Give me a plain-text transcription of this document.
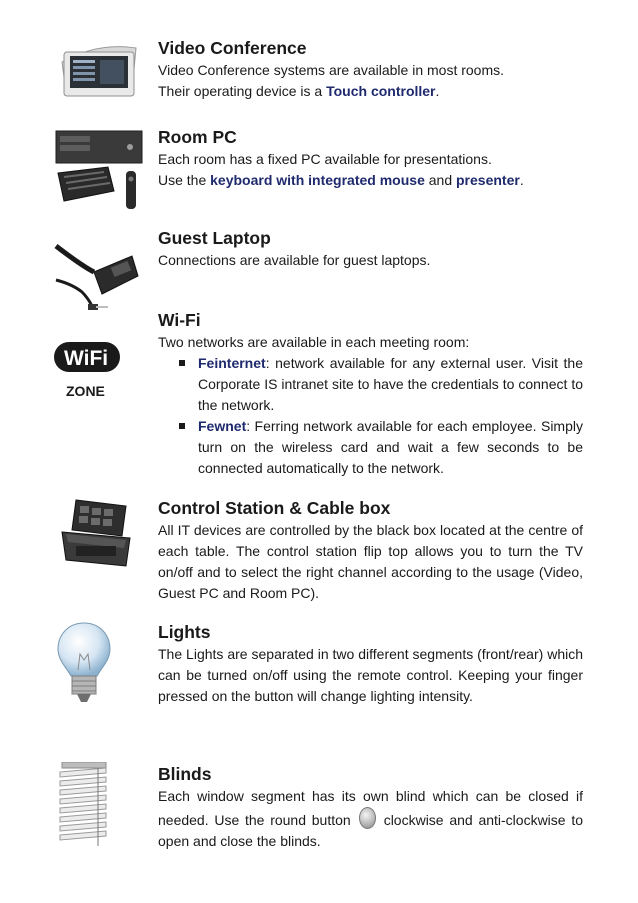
Video Conference

Video Conference systems are available in most rooms.
Their operating device is a Touch controller.

Room PC

Each room has a fixed PC available for presentations.
Use the keyboard with integrated mouse and presenter.

Guest Laptop

Connections are available for guest laptops.

WiFi
ZONE
Wi-Fi

Two networks are available in each meeting room:

Feinternet: network available for any external user. Visit the Corporate IS intranet site to have the credentials to connect to the network.
Fewnet: Ferring network available for each employee. Simply turn on the wireless card and wait a few seconds to be connected automatically to the network.
Control Station & Cable box

All IT devices are controlled by the black box located at the centre of each table. The control station flip top allows you to turn the TV on/off and to select the right channel according to the usage (Video, Guest PC and Room PC).

Lights

The Lights are separated in two different segments (front/rear) which can be turned on/off using the remote control. Keeping your finger pressed on the button will change lighting intensity.

Blinds

Each window segment has its own blind which can be closed if needed. Use the round button clockwise and anti-clockwise to open and close the blinds.
